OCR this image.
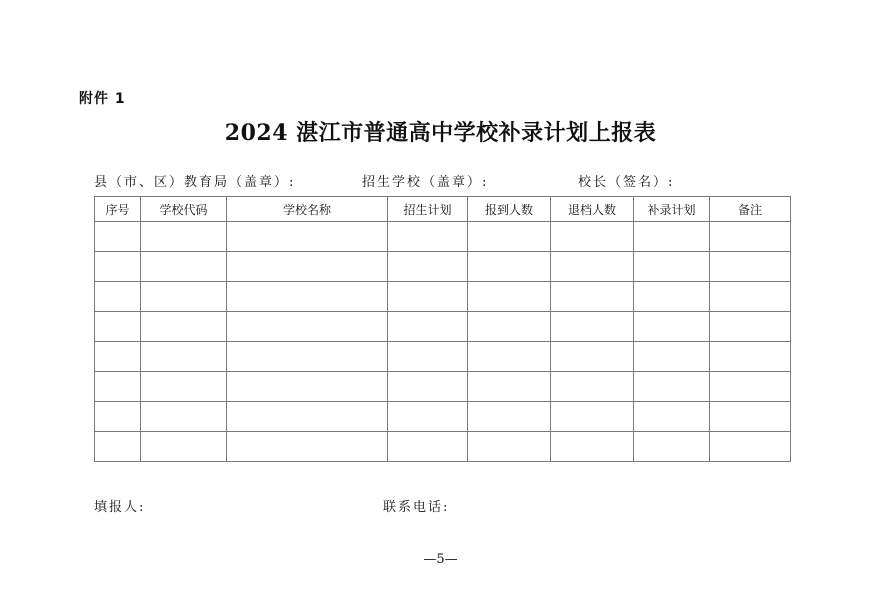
附件 1
2024 湛江市普通高中学校补录计划上报表
县（市、区）教育局（盖章）:	招生学校（盖章）:	校长（签名）:
序号	学校代码	学校名称	招生计划	报到人数	退档人数	补录计划	备注

填报人:	联系电话:
—5—
